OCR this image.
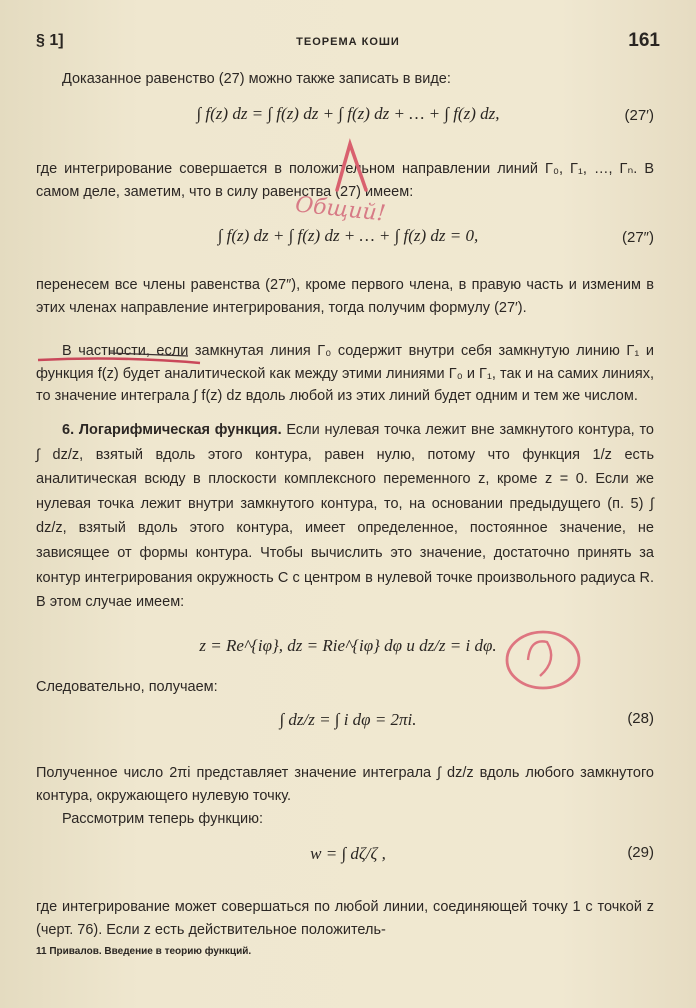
§ 1]	ТЕОРЕМА КОШИ	161
Доказанное равенство (27) можно также записать в виде:
∫ f(z) dz = ∫ f(z) dz + ∫ f(z) dz + … + ∫ f(z) dz,	(27′)
где интегрирование совершается в положительном направлении линий Γ₀, Γ₁, …, Γₙ. В самом деле, заметим, что в силу равенства (27) имеем:
∫ f(z) dz + ∫ f(z) dz + … + ∫ f(z) dz = 0,	(27″)
перенесем все члены равенства (27″), кроме первого члена, в правую часть и изменим в этих членах направление интегрирования, тогда получим формулу (27′).
В частности, если замкнутая линия Γ₀ содержит внутри себя замкнутую линию Γ₁ и функция f(z) будет аналитической как между этими линиями Γ₀ и Γ₁, так и на самих линиях, то значение интеграла ∫ f(z) dz вдоль любой из этих линий будет одним и тем же числом.
6. Логарифмическая функция. Если нулевая точка лежит вне замкнутого контура, то ∫ dz/z, взятый вдоль этого контура, равен нулю, потому что функция 1/z есть аналитическая всюду в плоскости комплексного переменного z, кроме z = 0. Если же нулевая точка лежит внутри замкнутого контура, то, на основании предыдущего (п. 5) ∫ dz/z, взятый вдоль этого контура, имеет определенное, постоянное значение, не зависящее от формы контура. Чтобы вычислить это значение, достаточно принять за контур интегрирования окружность C с центром в нулевой точке произвольного радиуса R. В этом случае имеем:
z = Re^{iφ}, dz = Rie^{iφ} dφ и dz/z = i dφ.
Следовательно, получаем:
∫ dz/z = ∫ i dφ = 2πi.	(28)
Полученное число 2πi представляет значение интеграла ∫ dz/z вдоль любого замкнутого контура, окружающего нулевую точку.
Рассмотрим теперь функцию:
w = ∫ dζ/ζ ,	(29)
где интегрирование может совершаться по любой линии, соединяющей точку 1 с точкой z (черт. 76). Если z есть действительное положитель-
11 Привалов. Введение в теорию функций.
Общий!
